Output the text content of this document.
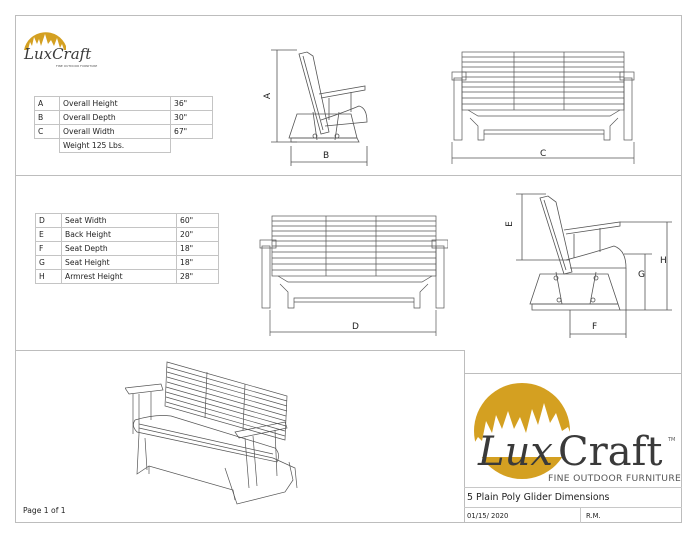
LuxCraft
FINE OUTDOOR FURNITURE
A	Overall Height	36"
B	Overall Depth	30"
C	Overall Width	67"
	Weight 125 Lbs.	
D	Seat Width	60"
E	Back Height	20"
F	Seat Depth	18"
G	Seat Height	18"
H	Armrest Height	28"
A
B	C
D
E
F
G
H
Lux Craft TM
FINE OUTDOOR FURNITURE
5 Plain Poly Glider Dimensions
01/15/ 2020	R.M.
Page 1 of 1
